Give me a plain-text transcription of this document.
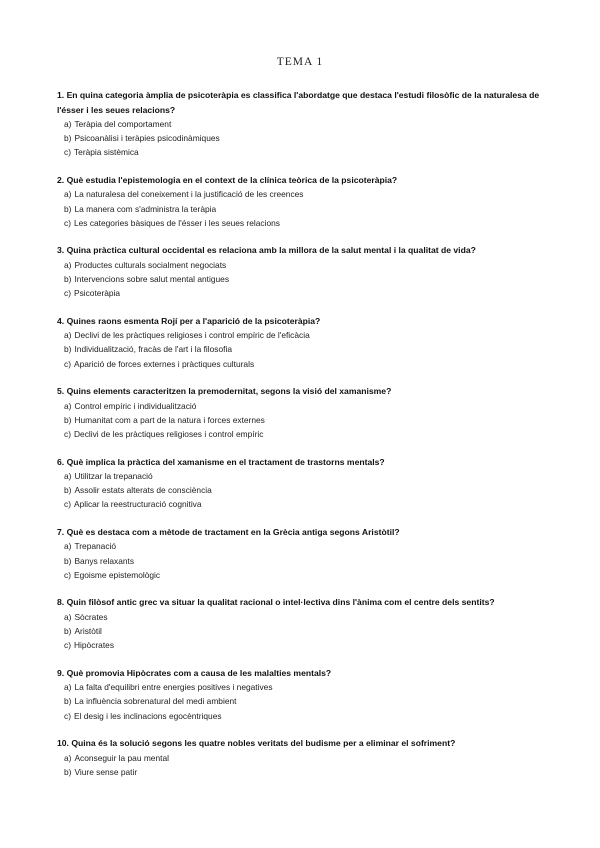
TEMA 1
1. En quina categoria àmplia de psicoteràpia es classifica l'abordatge que destaca l'estudi filosòfic de la naturalesa de l'ésser i les seues relacions?
a) Teràpia del comportament
b) Psicoanàlisi i teràpies psicodinàmiques
c) Teràpia sistèmica
2. Què estudia l'epistemologia en el context de la clínica teòrica de la psicoteràpia?
a) La naturalesa del coneixement i la justificació de les creences
b) La manera com s'administra la teràpia
c) Les categories bàsiques de l'ésser i les seues relacions
3. Quina pràctica cultural occidental es relaciona amb la millora de la salut mental i la qualitat de vida?
a) Productes culturals socialment negociats
b) Intervencions sobre salut mental antigues
c) Psicoteràpia
4. Quines raons esmenta Rojí per a l'aparició de la psicoteràpia?
a) Declivi de les pràctiques religioses i control empíric de l'eficàcia
b) Individualització, fracàs de l'art i la filosofia
c) Aparició de forces externes i pràctiques culturals
5. Quins elements caracteritzen la premodernitat, segons la visió del xamanisme?
a) Control empíric i individualització
b) Humanitat com a part de la natura i forces externes
c) Declivi de les pràctiques religioses i control empíric
6. Què implica la pràctica del xamanisme en el tractament de trastorns mentals?
a) Utilitzar la trepanació
b) Assolir estats alterats de consciència
c) Aplicar la reestructuració cognitiva
7. Què es destaca com a mètode de tractament en la Grècia antiga segons Aristòtil?
a) Trepanació
b) Banys relaxants
c) Egoisme epistemològic
8. Quin filòsof antic grec va situar la qualitat racional o intel·lectiva dins l'ànima com el centre dels sentits?
a) Sòcrates
b) Aristòtil
c) Hipòcrates
9. Què promovia Hipòcrates com a causa de les malalties mentals?
a) La falta d'equilibri entre energies positives i negatives
b) La influència sobrenatural del medi ambient
c) El desig i les inclinacions egocèntriques
10. Quina és la solució segons les quatre nobles veritats del budisme per a eliminar el sofriment?
a) Aconseguir la pau mental
b) Viure sense patir
